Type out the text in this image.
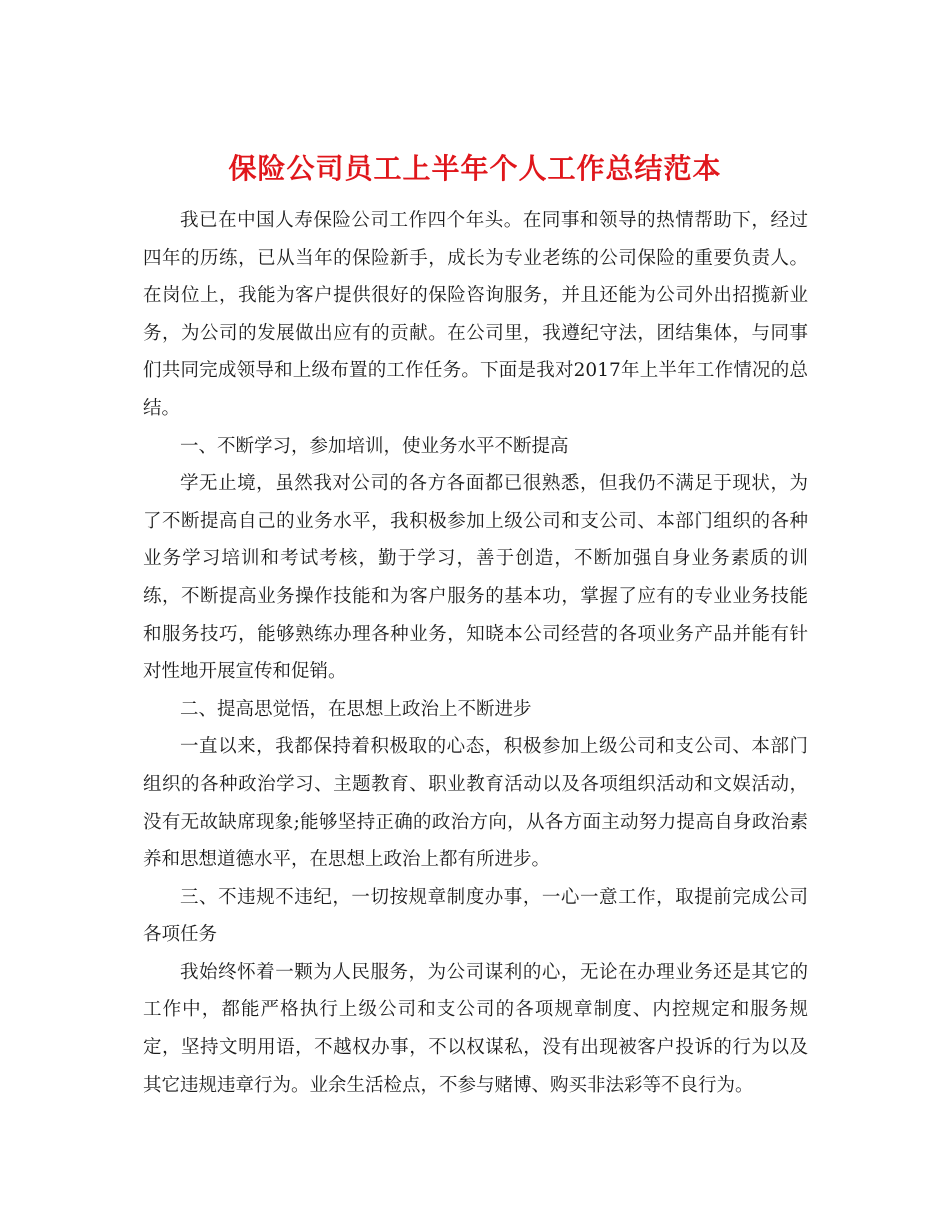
保险公司员工上半年个人工作总结范本

我已在中国人寿保险公司工作四个年头。在同事和领导的热情帮助下，经过四年的历练，已从当年的保险新手，成长为专业老练的公司保险的重要负责人。在岗位上，我能为客户提供很好的保险咨询服务，并且还能为公司外出招揽新业务，为公司的发展做出应有的贡献。在公司里，我遵纪守法，团结集体，与同事们共同完成领导和上级布置的工作任务。下面是我对2017年上半年工作情况的总结。

一、不断学习，参加培训，使业务水平不断提高

学无止境，虽然我对公司的各方各面都已很熟悉，但我仍不满足于现状，为了不断提高自己的业务水平，我积极参加上级公司和支公司、本部门组织的各种业务学习培训和考试考核，勤于学习，善于创造，不断加强自身业务素质的训练，不断提高业务操作技能和为客户服务的基本功，掌握了应有的专业业务技能和服务技巧，能够熟练办理各种业务，知晓本公司经营的各项业务产品并能有针对性地开展宣传和促销。

二、提高思觉悟，在思想上政治上不断进步

一直以来，我都保持着积极取的心态，积极参加上级公司和支公司、本部门组织的各种政治学习、主题教育、职业教育活动以及各项组织活动和文娱活动，没有无故缺席现象;能够坚持正确的政治方向，从各方面主动努力提高自身政治素养和思想道德水平，在思想上政治上都有所进步。

三、不违规不违纪，一切按规章制度办事，一心一意工作，取提前完成公司各项任务

我始终怀着一颗为人民服务，为公司谋利的心，无论在办理业务还是其它的工作中，都能严格执行上级公司和支公司的各项规章制度、内控规定和服务规定，坚持文明用语，不越权办事，不以权谋私，没有出现被客户投诉的行为以及其它违规违章行为。业余生活检点，不参与赌博、购买非法彩等不良行为。
